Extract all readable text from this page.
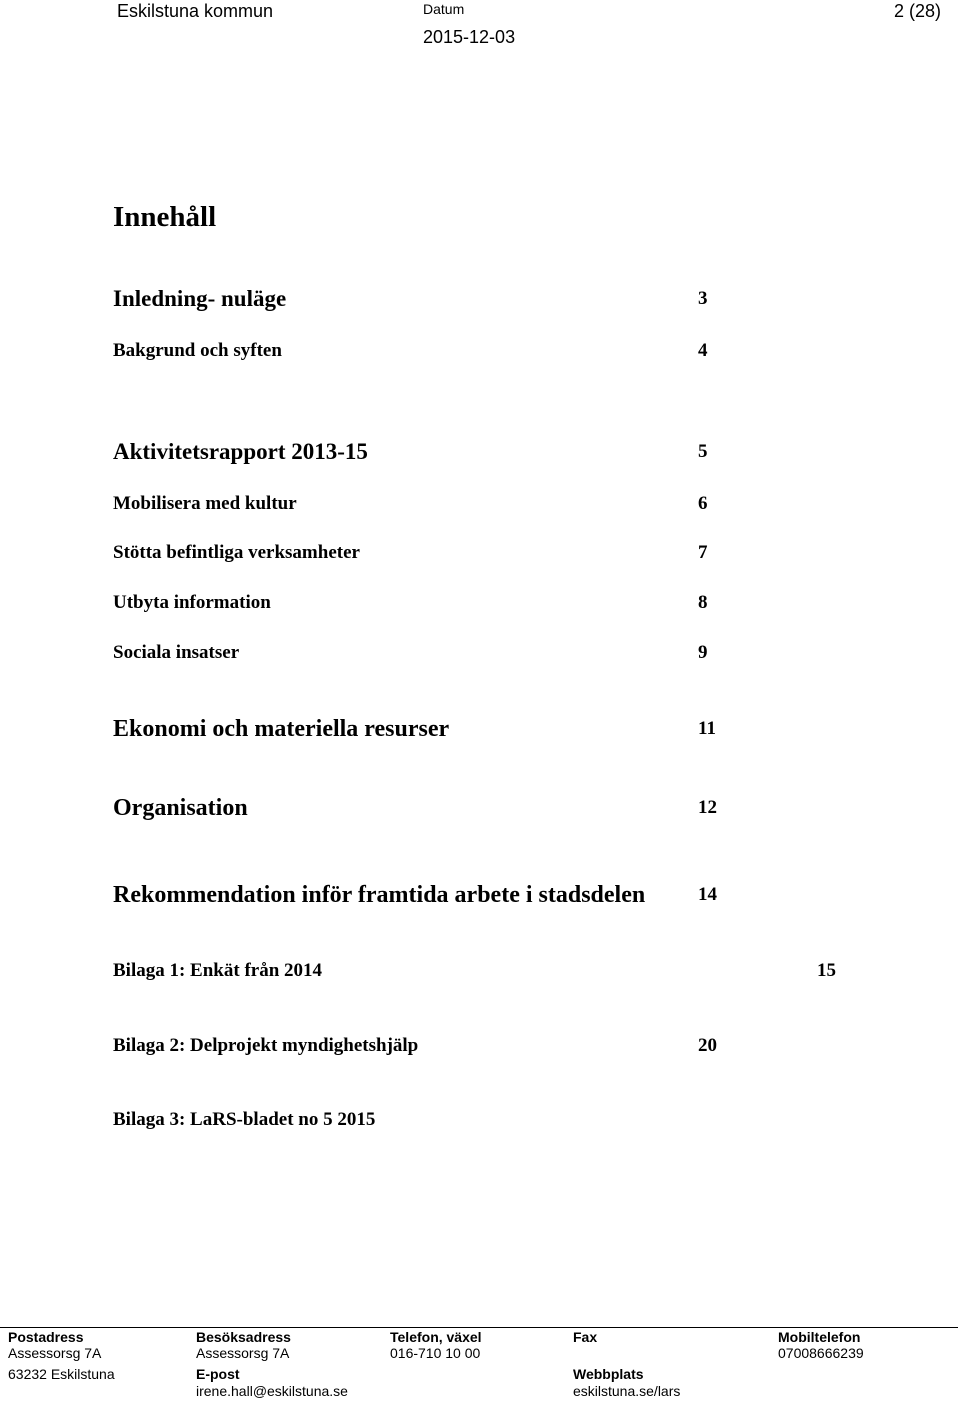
Eskilstuna kommun	Datum
2015-12-03
2 (28)
Innehåll
Inledning- nuläge	3
Bakgrund och syften	4
Aktivitetsrapport 2013-15	5
Mobilisera med kultur	6
Stötta befintliga verksamheter	7
Utbyta information	8
Sociala insatser	9
Ekonomi och materiella resurser	11
Organisation	12
Rekommendation inför framtida arbete i stadsdelen	14
Bilaga 1: Enkät från 2014	15
Bilaga 2: Delprojekt myndighetshjälp	20
Bilaga 3: LaRS-bladet no 5 2015
Postadress
Assessorsg 7A
63232 Eskilstuna
Besöksadress
Assessorsg 7A
E-post
irene.hall@eskilstuna.se
Telefon, växel
016-710 10 00
Fax
Webbplats
eskilstuna.se/lars
Mobiltelefon
07008666239
